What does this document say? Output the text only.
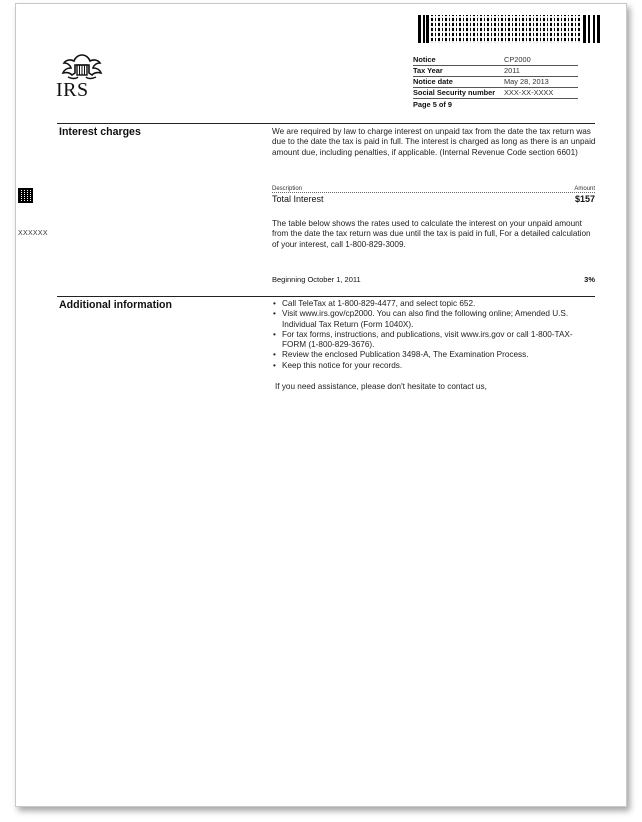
IRS
Notice	CP2000
Tax Year	2011
Notice date	May 28, 2013
Social Security number	XXX-XX-XXXX
Page 5 of 9
Interest charges	We are required by law to charge interest on unpaid tax from the date the tax return was due to the date the tax is paid in full. The interest is charged as long as there is an unpaid amount due, including penalties, if applicable. (Internal Revenue Code section 6601)
XXXXXX
Description	Amount
Total Interest	$157
The table below shows the rates used to calculate the interest on your unpaid amount from the date the tax return was due until the tax is paid in full, For a detailed calculation of your interest, call 1-800-829-3009.
Beginning October 1, 2011	3%
Additional information
•	Call TeleTax at 1-800-829-4477, and select topic 652.
• Visit www.irs.gov/cp2000. You can also find the following online; Amended U.S. Individual Tax Return (Form 1040X).
• For tax forms, instructions, and publications, visit www.irs.gov or call 1-800-TAX-FORM (1-800-829-3676).
• Review the enclosed Publication 3498-A, The Examination Process.
• Keep this notice for your records.
If you need assistance, please don't hesitate to contact us,
